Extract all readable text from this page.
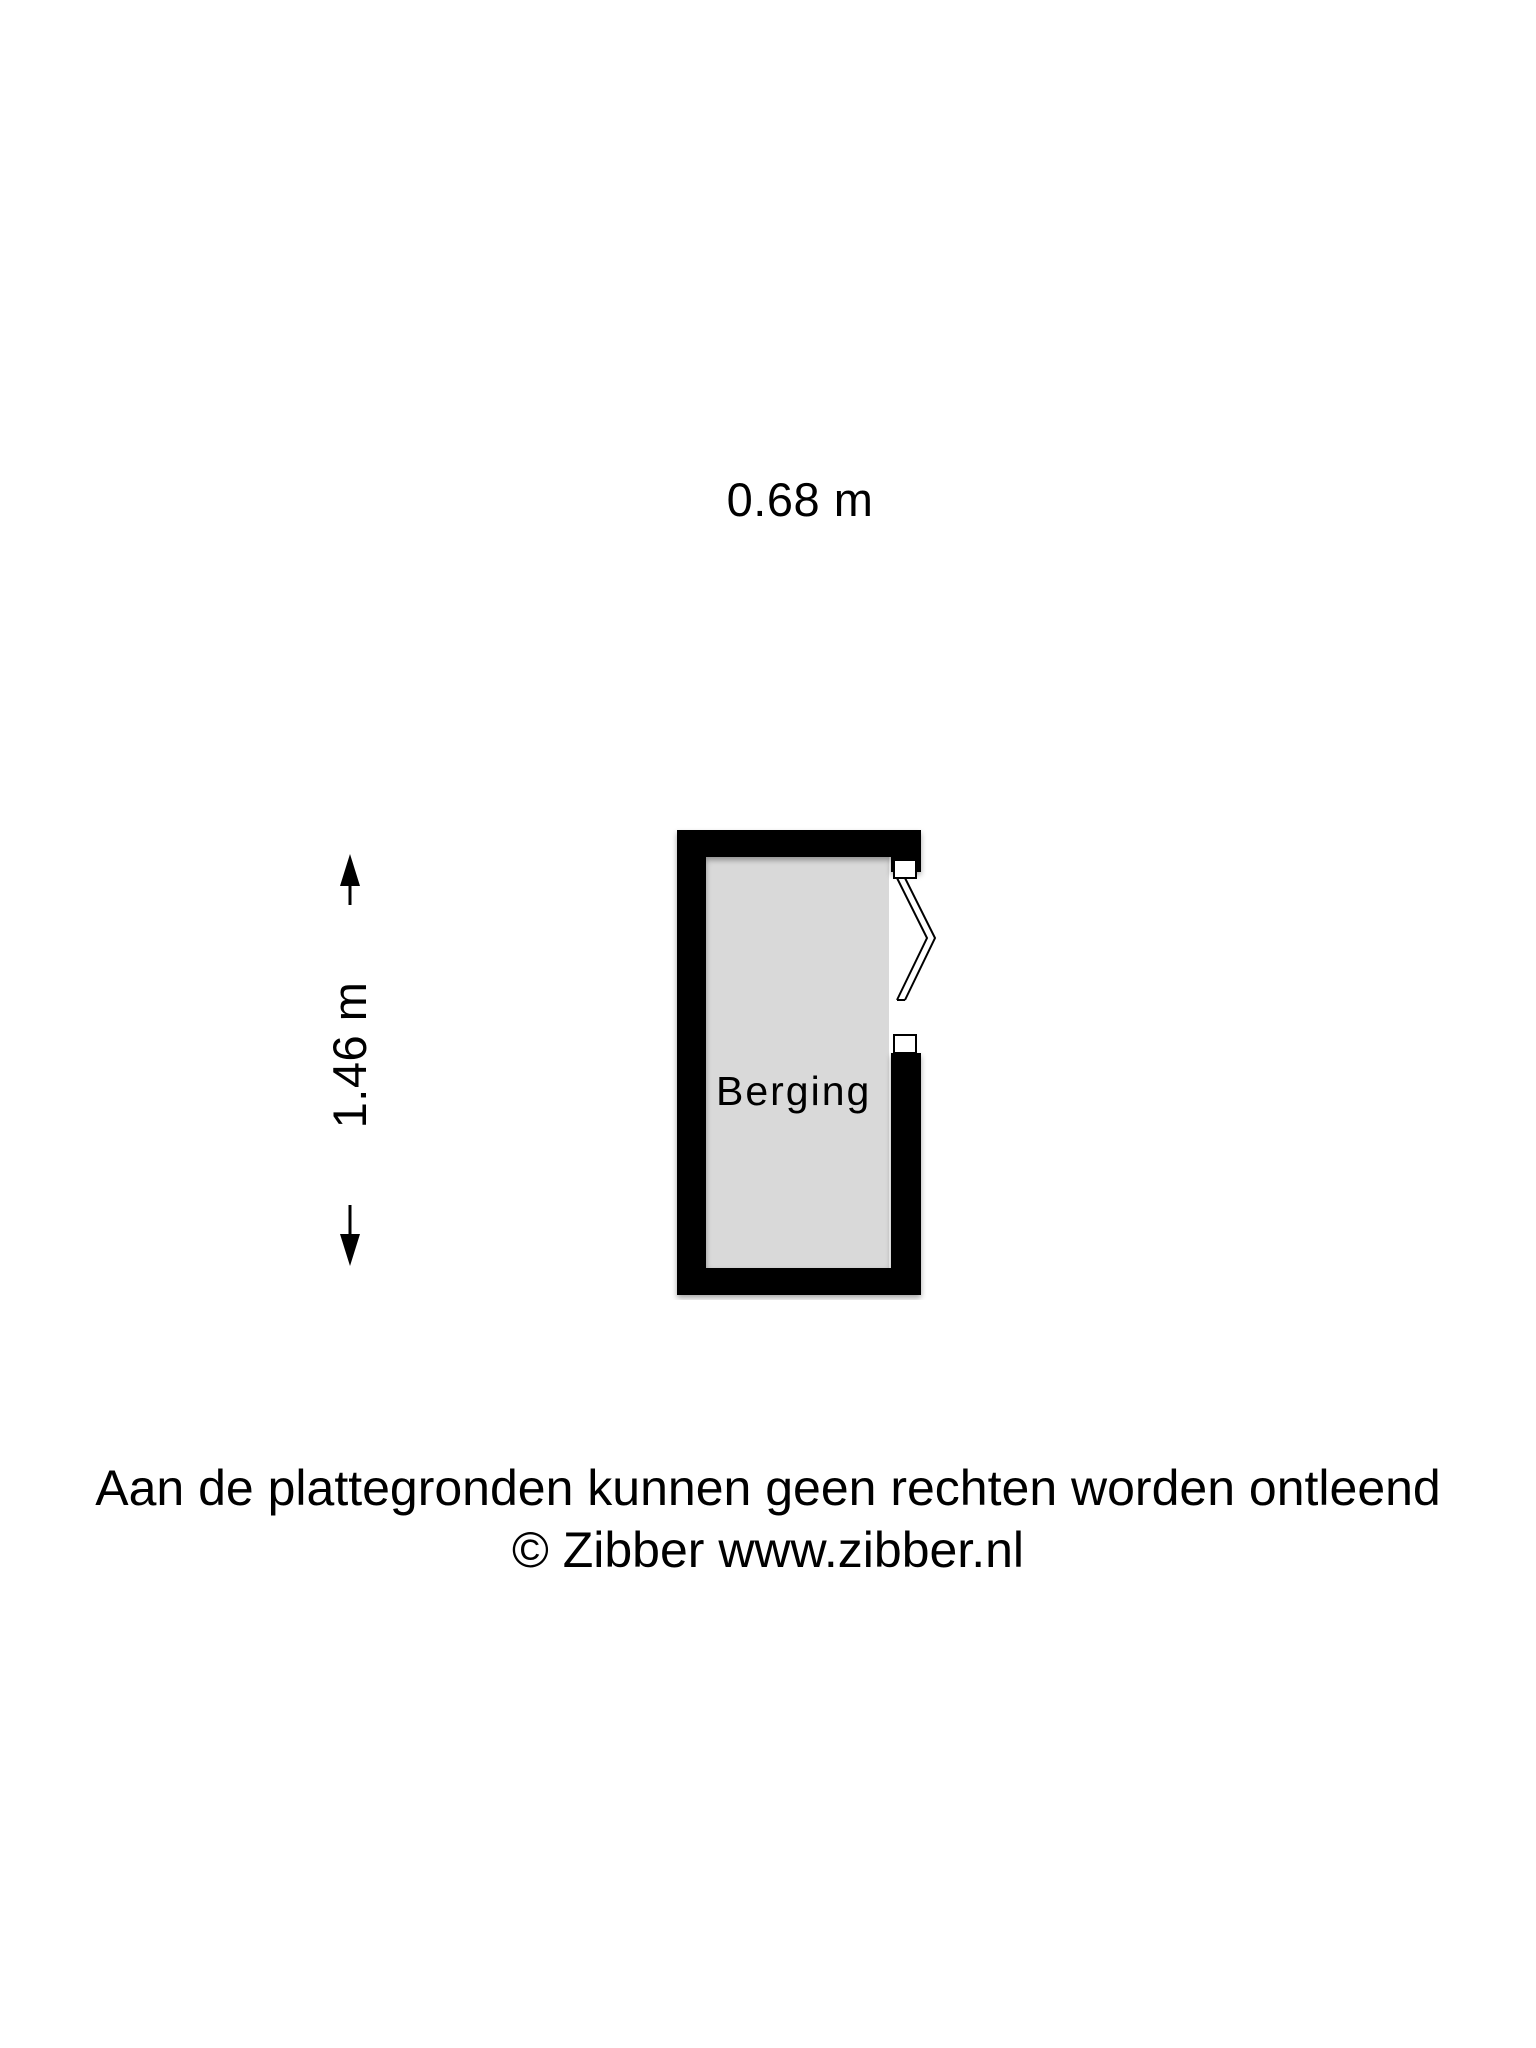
0.68 m
1.46 m	Berging
Aan de plattegronden kunnen geen rechten worden ontleend
© Zibber www.zibber.nl
